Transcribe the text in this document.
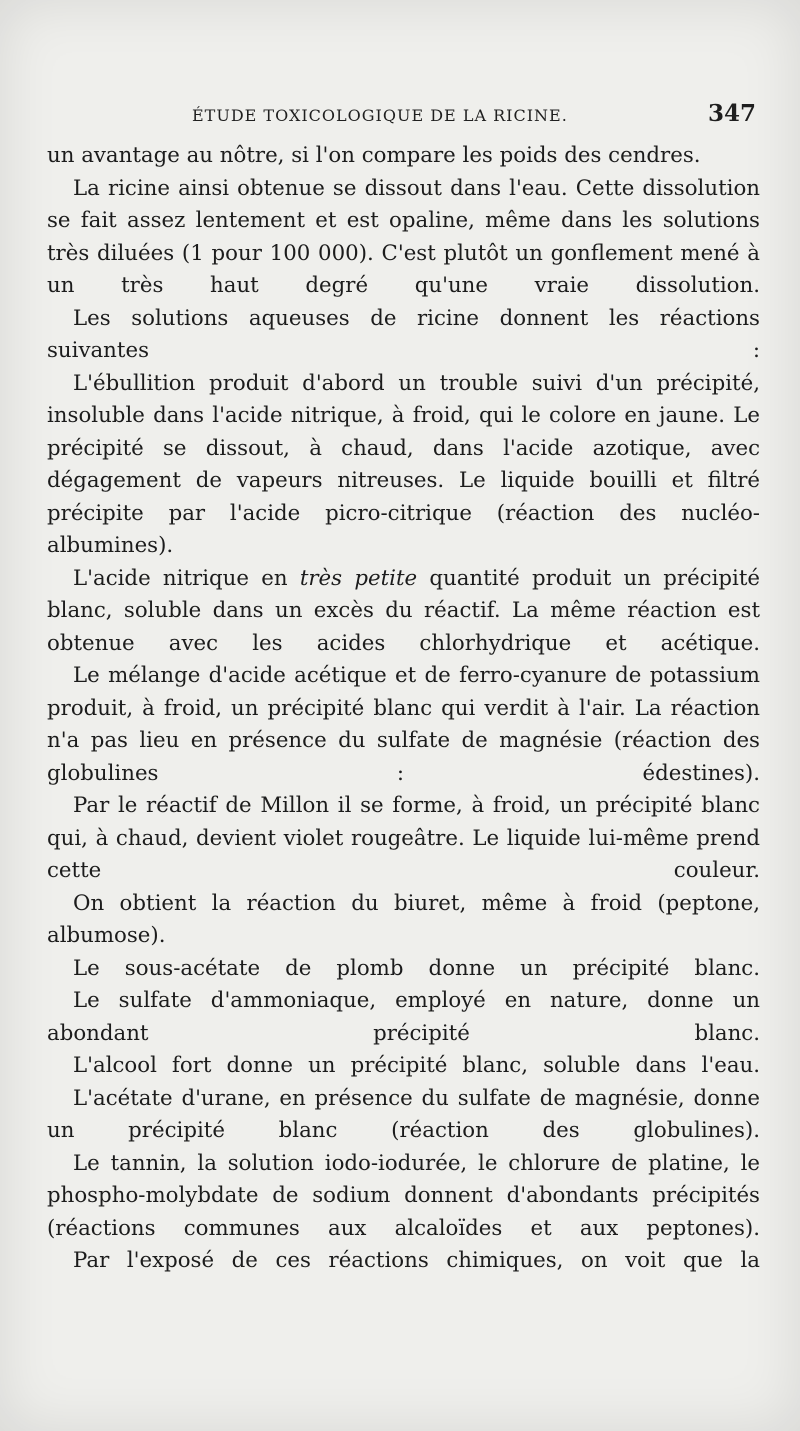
ÉTUDE TOXICOLOGIQUE DE LA RICINE.	347

un avantage au nôtre, si l'on compare les poids des cendres.

La ricine ainsi obtenue se dissout dans l'eau. Cette dissolution se fait assez lentement et est opaline, même dans les solutions très diluées (1 pour 100 000). C'est plutôt un gonflement mené à un très haut degré qu'une vraie dissolution.

Les solutions aqueuses de ricine donnent les réactions suivantes :

L'ébullition produit d'abord un trouble suivi d'un précipité, insoluble dans l'acide nitrique, à froid, qui le colore en jaune. Le précipité se dissout, à chaud, dans l'acide azotique, avec dégagement de vapeurs nitreuses. Le liquide bouilli et filtré précipite par l'acide picro-citrique (réaction des nucléo-albumines).

L'acide nitrique en très petite quantité produit un précipité blanc, soluble dans un excès du réactif. La même réaction est obtenue avec les acides chlorhydrique et acétique.

Le mélange d'acide acétique et de ferro-cyanure de potassium produit, à froid, un précipité blanc qui verdit à l'air. La réaction n'a pas lieu en présence du sulfate de magnésie (réaction des globulines : édestines).

Par le réactif de Millon il se forme, à froid, un précipité blanc qui, à chaud, devient violet rougeâtre. Le liquide lui-même prend cette couleur.

On obtient la réaction du biuret, même à froid (peptone, albumose).

Le sous-acétate de plomb donne un précipité blanc.

Le sulfate d'ammoniaque, employé en nature, donne un abondant précipité blanc.

L'alcool fort donne un précipité blanc, soluble dans l'eau.

L'acétate d'urane, en présence du sulfate de magnésie, donne un précipité blanc (réaction des globulines).

Le tannin, la solution iodo-iodurée, le chlorure de platine, le phospho-molybdate de sodium donnent d'abondants précipités (réactions communes aux alcaloïdes et aux peptones).

Par l'exposé de ces réactions chimiques, on voit que la
